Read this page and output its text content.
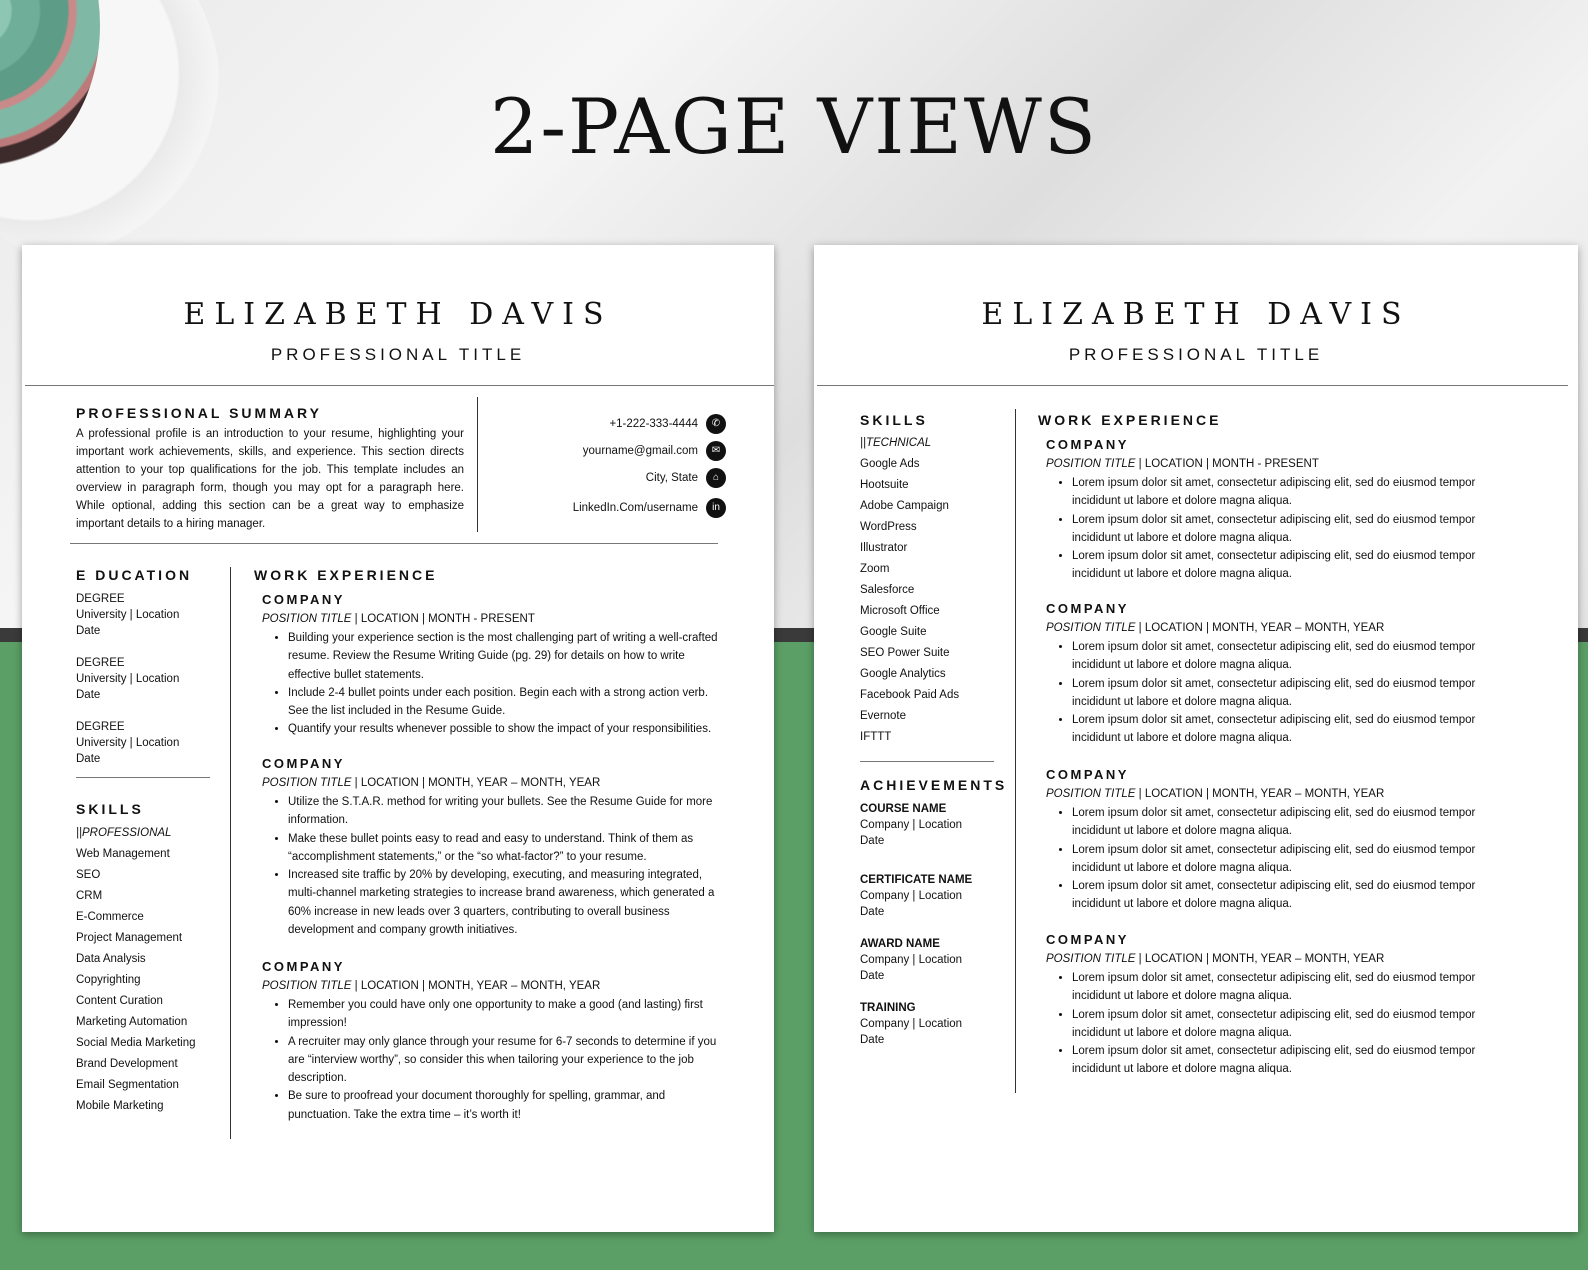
2-PAGE VIEWS
ELIZABETH DAVIS
PROFESSIONAL TITLE
PROFESSIONAL SUMMARY
A professional profile is an introduction to your resume, highlighting your important work achievements, skills, and experience. This section directs attention to your top qualifications for the job. This template includes an overview in paragraph form, though you may opt for a paragraph here. While optional, adding this section can be a great way to emphasize important details to a hiring manager.
+1-222-333-4444 ✆
yourname@gmail.com ✉
City, State ⌂
LinkedIn.Com/username in
E DUCATION
DEGREE
University | Location
Date
DEGREE
University | Location
Date
DEGREE
University | Location
Date
SKILLS
||PROFESSIONAL
Web Management
SEO
CRM
E-Commerce
Project Management
Data Analysis
Copyrighting
Content Curation
Marketing Automation
Social Media Marketing
Brand Development
Email Segmentation
Mobile Marketing
WORK EXPERIENCE
COMPANY
POSITION TITLE | LOCATION | MONTH - PRESENT
• Building your experience section is the most challenging part of writing a well-crafted resume. Review the Resume Writing Guide (pg. 29) for details on how to write effective bullet statements.
• Include 2-4 bullet points under each position. Begin each with a strong action verb. See the list included in the Resume Guide.
• Quantify your results whenever possible to show the impact of your responsibilities.
COMPANY
POSITION TITLE | LOCATION | MONTH, YEAR – MONTH, YEAR
• Utilize the S.T.A.R. method for writing your bullets. See the Resume Guide for more information.
• Make these bullet points easy to read and easy to understand. Think of them as “accomplishment statements,” or the “so what-factor?” to your resume.
• Increased site traffic by 20% by developing, executing, and measuring integrated, multi-channel marketing strategies to increase brand awareness, which generated a 60% increase in new leads over 3 quarters, contributing to overall business development and company growth initiatives.
COMPANY
POSITION TITLE | LOCATION | MONTH, YEAR – MONTH, YEAR
• Remember you could have only one opportunity to make a good (and lasting) first impression!
• A recruiter may only glance through your resume for 6-7 seconds to determine if you are “interview worthy”, so consider this when tailoring your experience to the job description.
• Be sure to proofread your document thoroughly for spelling, grammar, and punctuation. Take the extra time – it’s worth it!
ELIZABETH DAVIS
PROFESSIONAL TITLE
SKILLS
||TECHNICAL
Google Ads
Hootsuite
Adobe Campaign
WordPress
Illustrator
Zoom
Salesforce
Microsoft Office
Google Suite
SEO Power Suite
Google Analytics
Facebook Paid Ads
Evernote
IFTTT
ACHIEVEMENTS
COURSE NAME
Company | Location
Date
CERTIFICATE NAME
Company | Location
Date
AWARD NAME
Company | Location
Date
TRAINING
Company | Location
Date
WORK EXPERIENCE
COMPANY
POSITION TITLE | LOCATION | MONTH - PRESENT
• Lorem ipsum dolor sit amet, consectetur adipiscing elit, sed do eiusmod tempor incididunt ut labore et dolore magna aliqua.
• Lorem ipsum dolor sit amet, consectetur adipiscing elit, sed do eiusmod tempor incididunt ut labore et dolore magna aliqua.
• Lorem ipsum dolor sit amet, consectetur adipiscing elit, sed do eiusmod tempor incididunt ut labore et dolore magna aliqua.
COMPANY
POSITION TITLE | LOCATION | MONTH, YEAR – MONTH, YEAR
• Lorem ipsum dolor sit amet, consectetur adipiscing elit, sed do eiusmod tempor incididunt ut labore et dolore magna aliqua.
• Lorem ipsum dolor sit amet, consectetur adipiscing elit, sed do eiusmod tempor incididunt ut labore et dolore magna aliqua.
• Lorem ipsum dolor sit amet, consectetur adipiscing elit, sed do eiusmod tempor incididunt ut labore et dolore magna aliqua.
COMPANY
POSITION TITLE | LOCATION | MONTH, YEAR – MONTH, YEAR
• Lorem ipsum dolor sit amet, consectetur adipiscing elit, sed do eiusmod tempor incididunt ut labore et dolore magna aliqua.
• Lorem ipsum dolor sit amet, consectetur adipiscing elit, sed do eiusmod tempor incididunt ut labore et dolore magna aliqua.
• Lorem ipsum dolor sit amet, consectetur adipiscing elit, sed do eiusmod tempor incididunt ut labore et dolore magna aliqua.
COMPANY
POSITION TITLE | LOCATION | MONTH, YEAR – MONTH, YEAR
• Lorem ipsum dolor sit amet, consectetur adipiscing elit, sed do eiusmod tempor incididunt ut labore et dolore magna aliqua.
• Lorem ipsum dolor sit amet, consectetur adipiscing elit, sed do eiusmod tempor incididunt ut labore et dolore magna aliqua.
• Lorem ipsum dolor sit amet, consectetur adipiscing elit, sed do eiusmod tempor incididunt ut labore et dolore magna aliqua.
